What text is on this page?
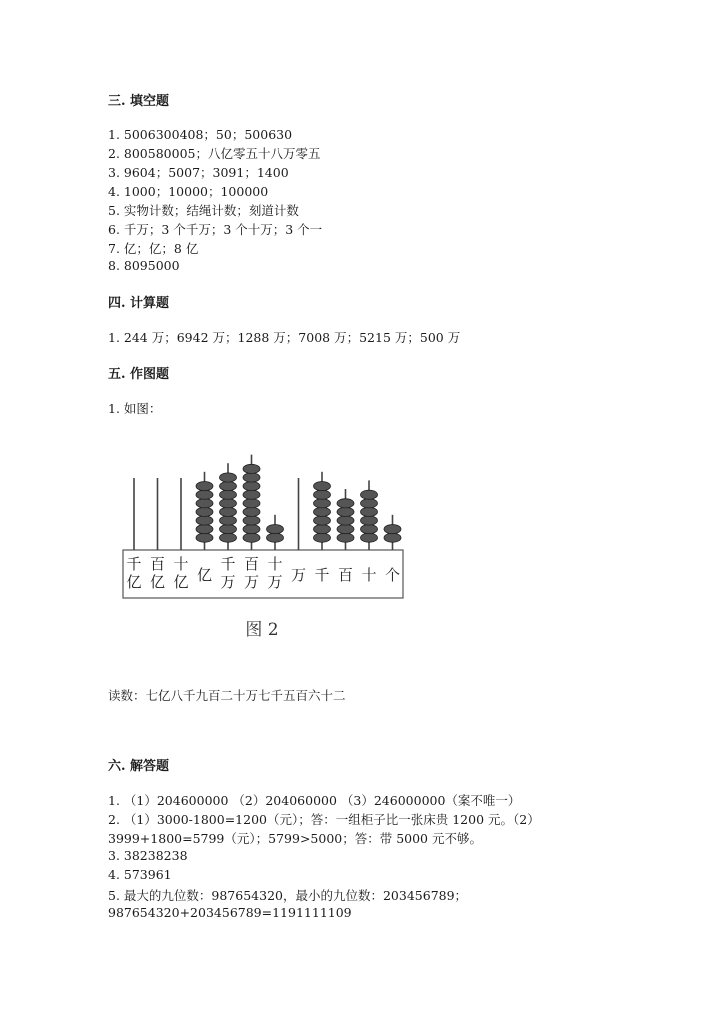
三. 填空题
1. 5006300408；50；500630
2. 800580005；八亿零五十八万零五
3. 9604；5007；3091；1400
4. 1000；10000；100000
5. 实物计数；结绳计数；刻道计数
6. 千万；3 个千万；3 个十万；3 个一
7. 亿；亿；8 亿
8. 8095000
四. 计算题
1. 244 万；6942 万；1288 万；7008 万；5215 万；500 万
五. 作图题
1. 如图：
千
亿
百
亿
十
亿 亿
千
万
百
万
十
万 万 千 百 十 个
图 2
读数：七亿八千九百二十万七千五百六十二
六. 解答题
1. （1）204600000 （2）204060000 （3）246000000（案不唯一）
2. （1）3000-1800=1200（元）；答：一组柜子比一张床贵 1200 元。（2）
3999+1800=5799（元）；5799>5000；答：带 5000 元不够。
3. 38238238
4. 573961
5. 最大的九位数：987654320，最小的九位数：203456789；
987654320+203456789=1191111109
